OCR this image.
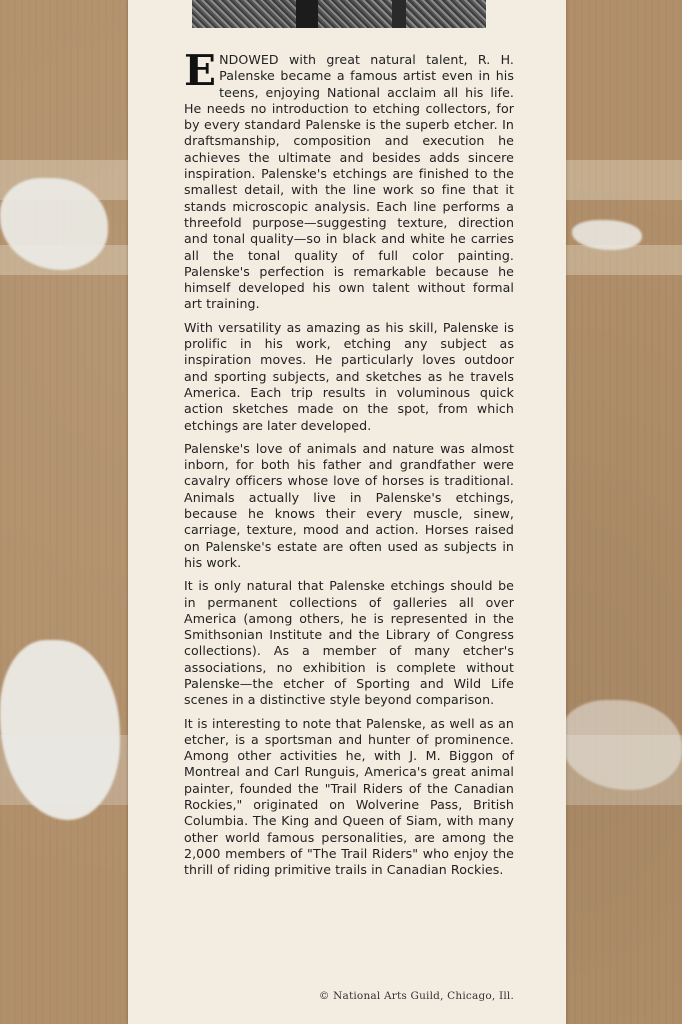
ENDOWED with great natural talent, R. H. Palenske became a famous artist even in his teens, enjoying National acclaim all his life. He needs no introduction to etching collectors, for by every standard Palenske is the superb etcher. In draftsmanship, composition and execution he achieves the ultimate and besides adds sincere inspiration. Palenske's etchings are finished to the smallest detail, with the line work so fine that it stands microscopic analysis. Each line performs a threefold purpose—suggesting texture, direction and tonal quality—so in black and white he carries all the tonal quality of full color painting. Palenske's perfection is remarkable because he himself developed his own talent without formal art training.

With versatility as amazing as his skill, Palenske is prolific in his work, etching any subject as inspiration moves. He particularly loves outdoor and sporting subjects, and sketches as he travels America. Each trip results in voluminous quick action sketches made on the spot, from which etchings are later developed.

Palenske's love of animals and nature was almost inborn, for both his father and grandfather were cavalry officers whose love of horses is traditional. Animals actually live in Palenske's etchings, because he knows their every muscle, sinew, carriage, texture, mood and action. Horses raised on Palenske's estate are often used as subjects in his work.

It is only natural that Palenske etchings should be in permanent collections of galleries all over America (among others, he is represented in the Smithsonian Institute and the Library of Congress collections). As a member of many etcher's associations, no exhibition is complete without Palenske—the etcher of Sporting and Wild Life scenes in a distinctive style beyond comparison.

It is interesting to note that Palenske, as well as an etcher, is a sportsman and hunter of prominence. Among other activities he, with J. M. Biggon of Montreal and Carl Runguis, America's great animal painter, founded the "Trail Riders of the Canadian Rockies," originated on Wolverine Pass, British Columbia. The King and Queen of Siam, with many other world famous personalities, are among the 2,000 members of "The Trail Riders" who enjoy the thrill of riding primitive trails in Canadian Rockies.

© National Arts Guild, Chicago, Ill.
